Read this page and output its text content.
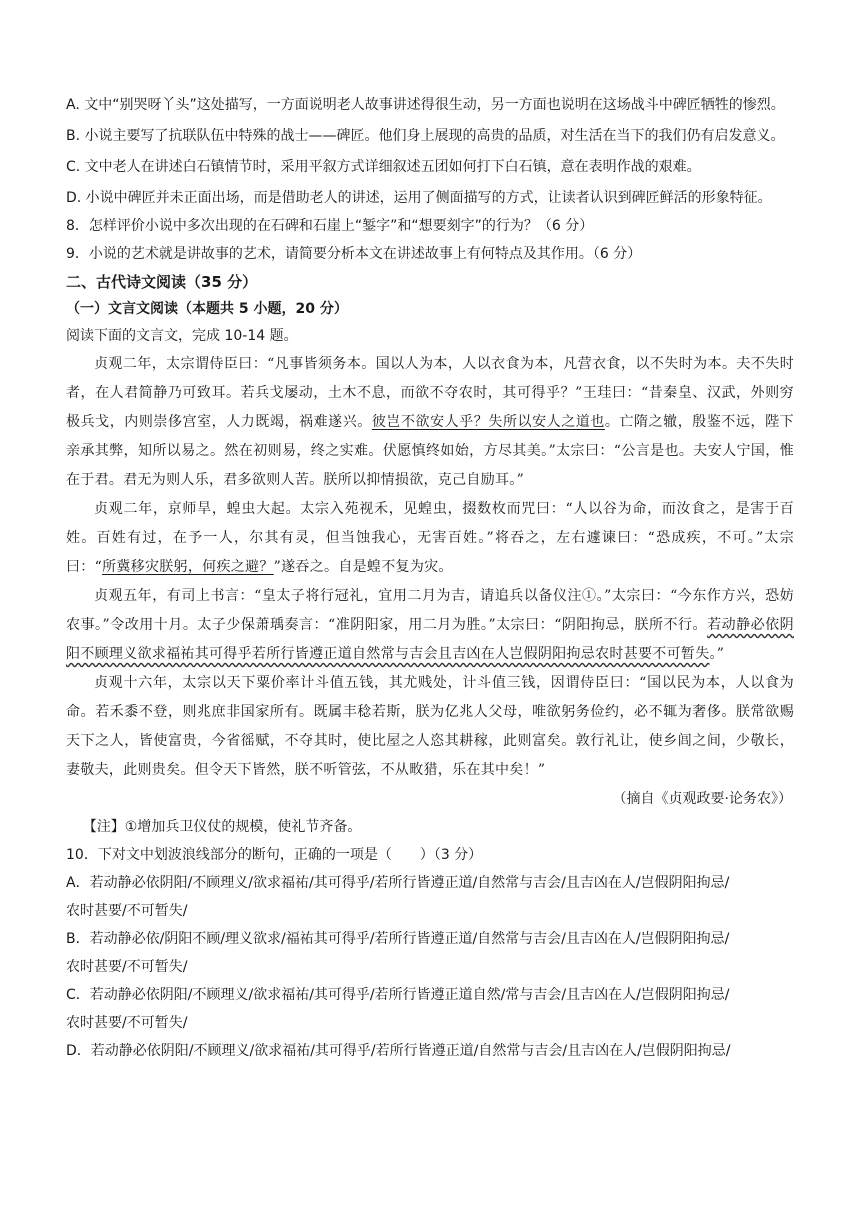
A. 文中“别哭呀丫头”这处描写，一方面说明老人故事讲述得很生动，另一方面也说明在这场战斗中碑匠牺牲的惨烈。

B. 小说主要写了抗联队伍中特殊的战士——碑匠。他们身上展现的高贵的品质，对生活在当下的我们仍有启发意义。

C. 文中老人在讲述白石镇情节时，采用平叙方式详细叙述五团如何打下白石镇，意在表明作战的艰难。

D. 小说中碑匠并未正面出场，而是借助老人的讲述，运用了侧面描写的方式，让读者认识到碑匠鲜活的形象特征。

8．怎样评价小说中多次出现的在石碑和石崖上“錾字”和“想要刻字”的行为？（6 分）

9．小说的艺术就是讲故事的艺术，请简要分析本文在讲述故事上有何特点及其作用。（6 分）

二、古代诗文阅读（35 分）

（一）文言文阅读（本题共 5 小题，20 分）

阅读下面的文言文，完成 10-14 题。

贞观二年，太宗谓侍臣曰：“凡事皆须务本。国以人为本，人以衣食为本，凡营衣食，以不失时为本。夫不失时者，在人君简静乃可致耳。若兵戈屡动，土木不息，而欲不夺农时，其可得乎？”王珪曰：“昔秦皇、汉武，外则穷极兵戈，内则崇侈宫室，人力既竭，祸难遂兴。彼岂不欲安人乎？失所以安人之道也。亡隋之辙，殷鉴不远，陛下亲承其弊，知所以易之。然在初则易，终之实难。伏愿慎终如始，方尽其美。”太宗曰：“公言是也。夫安人宁国，惟在于君。君无为则人乐，君多欲则人苦。朕所以抑情损欲，克己自励耳。”

贞观二年，京师旱，蝗虫大起。太宗入苑视禾，见蝗虫，掇数枚而咒曰：“人以谷为命，而汝食之，是害于百姓。百姓有过，在予一人，尔其有灵，但当蚀我心，无害百姓。”将吞之，左右遽谏曰：“恐成疾，不可。”太宗曰：“所冀移灾朕躬，何疾之避？”遂吞之。自是蝗不复为灾。

贞观五年，有司上书言：“皇太子将行冠礼，宜用二月为吉，请追兵以备仪注①。”太宗曰：“今东作方兴，恐妨农事。”令改用十月。太子少保萧瑀奏言：“准阴阳家，用二月为胜。”太宗曰：“阴阳拘忌，朕所不行。若动静必依阴阳不顾理义欲求福祐其可得乎若所行皆遵正道自然常与吉会且吉凶在人岂假阴阳拘忌农时甚要不可暂失。”

贞观十六年，太宗以天下粟价率计斗值五钱，其尤贱处，计斗值三钱，因谓侍臣曰：“国以民为本，人以食为命。若禾黍不登，则兆庶非国家所有。既属丰稔若斯，朕为亿兆人父母，唯欲躬务俭约，必不辄为奢侈。朕常欲赐天下之人，皆使富贵，今省徭赋，不夺其时，使比屋之人恣其耕稼，此则富矣。敦行礼让，使乡闾之间，少敬长，妻敬夫，此则贵矣。但令天下皆然，朕不听管弦，不从畋猎，乐在其中矣！”

（摘自《贞观政要·论务农》）

【注】①增加兵卫仪仗的规模，使礼节齐备。

10．下对文中划波浪线部分的断句，正确的一项是（　　）（3 分）

A．若动静必依阴阳/不顾理义/欲求福祐/其可得乎/若所行皆遵正道/自然常与吉会/且吉凶在人/岂假阴阳拘忌/

农时甚要/不可暂失/

B．若动静必依/阴阳不顾/理义欲求/福祐其可得乎/若所行皆遵正道/自然常与吉会/且吉凶在人/岂假阴阳拘忌/

农时甚要/不可暂失/

C．若动静必依阴阳/不顾理义/欲求福祐/其可得乎/若所行皆遵正道自然/常与吉会/且吉凶在人/岂假阴阳拘忌/

农时甚要/不可暂失/

D．若动静必依阴阳/不顾理义/欲求福祐/其可得乎/若所行皆遵正道/自然常与吉会/且吉凶在人/岂假阴阳拘忌/
